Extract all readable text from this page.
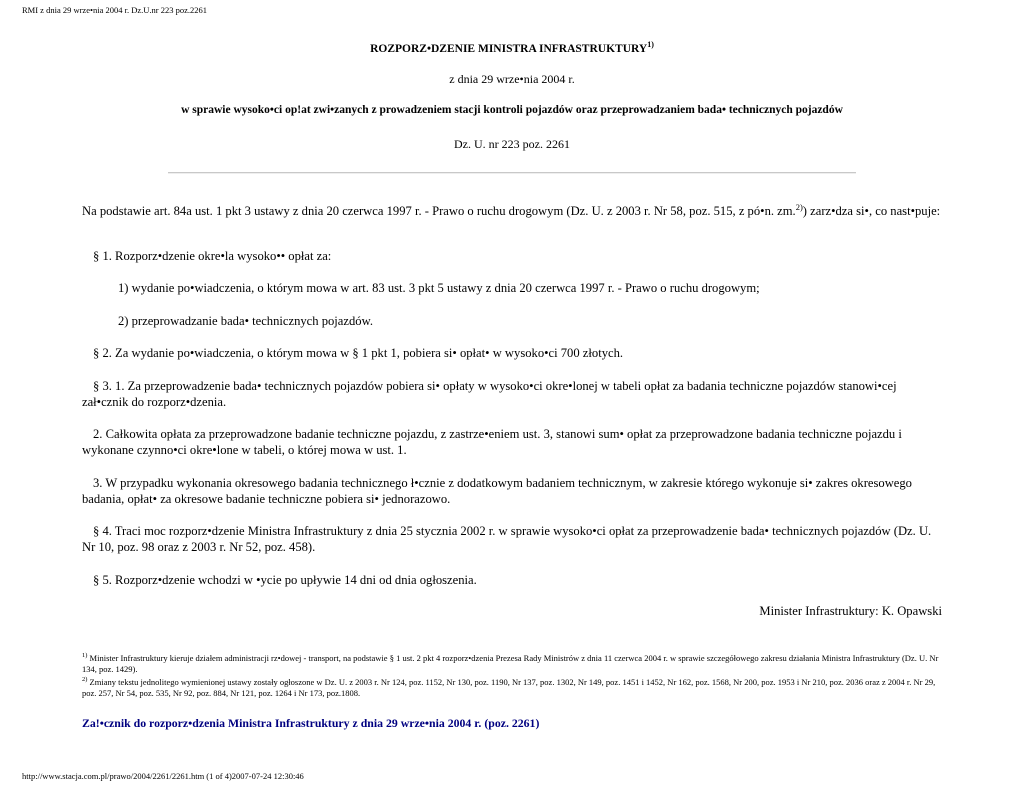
RMI z dnia 29 wrze•nia 2004 r. Dz.U.nr 223 poz.2261
ROZPORZ•DZENIE MINISTRA INFRASTRUKTURY$^{1)}$
z dnia 29 wrze•nia 2004 r.
w sprawie wysoko•ci op!at zwi•zanych z prowadzeniem stacji kontroli pojazdów oraz przeprowadzaniem bada• technicznych pojazdów
Dz. U. nr 223 poz. 2261
Na podstawie art. 84a ust. 1 pkt 3 ustawy z dnia 20 czerwca 1997 r. - Prawo o ruchu drogowym (Dz. U. z 2003 r. Nr 58, poz. 515, z pó•n. zm.$^{2)}$) zarz•dza si•, co nast•puje:
§ 1. Rozporz•dzenie okre•la wysoko•• opłat za:
1) wydanie po•wiadczenia, o którym mowa w art. 83 ust. 3 pkt 5 ustawy z dnia 20 czerwca 1997 r. - Prawo o ruchu drogowym;
2) przeprowadzanie bada• technicznych pojazdów.
§ 2. Za wydanie po•wiadczenia, o którym mowa w § 1 pkt 1, pobiera si• opłat• w wysoko•ci 700 złotych.
§ 3. 1. Za przeprowadzenie bada• technicznych pojazdów pobiera si• opłaty w wysoko•ci okre•lonej w tabeli opłat za badania techniczne pojazdów stanowi•cej zał•cznik do rozporz•dzenia.
2. Całkowita opłata za przeprowadzone badanie techniczne pojazdu, z zastrze•eniem ust. 3, stanowi sum• opłat za przeprowadzone badania techniczne pojazdu i wykonane czynno•ci okre•lone w tabeli, o której mowa w ust. 1.
3. W przypadku wykonania okresowego badania technicznego ł•cznie z dodatkowym badaniem technicznym, w zakresie którego wykonuje si• zakres okresowego badania, opłat• za okresowe badanie techniczne pobiera si• jednorazowo.
§ 4. Traci moc rozporz•dzenie Ministra Infrastruktury z dnia 25 stycznia 2002 r. w sprawie wysoko•ci opłat za przeprowadzenie bada• technicznych pojazdów (Dz. U. Nr 10, poz. 98 oraz z 2003 r. Nr 52, poz. 458).
§ 5. Rozporz•dzenie wchodzi w •ycie po upływie 14 dni od dnia ogłoszenia.
Minister Infrastruktury: K. Opawski
$^{1)}$ Minister Infrastruktury kieruje działem administracji rz•dowej - transport, na podstawie § 1 ust. 2 pkt 4 rozporz•dzenia Prezesa Rady Ministrów z dnia 11 czerwca 2004 r. w sprawie szczegółowego zakresu działania Ministra Infrastruktury (Dz. U. Nr 134, poz. 1429).
$^{2)}$ Zmiany tekstu jednolitego wymienionej ustawy zostały ogłoszone w Dz. U. z 2003 r. Nr 124, poz. 1152, Nr 130, poz. 1190, Nr 137, poz. 1302, Nr 149, poz. 1451 i 1452, Nr 162, poz. 1568, Nr 200, poz. 1953 i Nr 210, poz. 2036 oraz z 2004 r. Nr 29, poz. 257, Nr 54, poz. 535, Nr 92, poz. 884, Nr 121, poz. 1264 i Nr 173, poz.1808.
Za!•cznik do rozporz•dzenia Ministra Infrastruktury z dnia 29 wrze•nia 2004 r. (poz. 2261)
http://www.stacja.com.pl/prawo/2004/2261/2261.htm (1 of 4)2007-07-24 12:30:46
